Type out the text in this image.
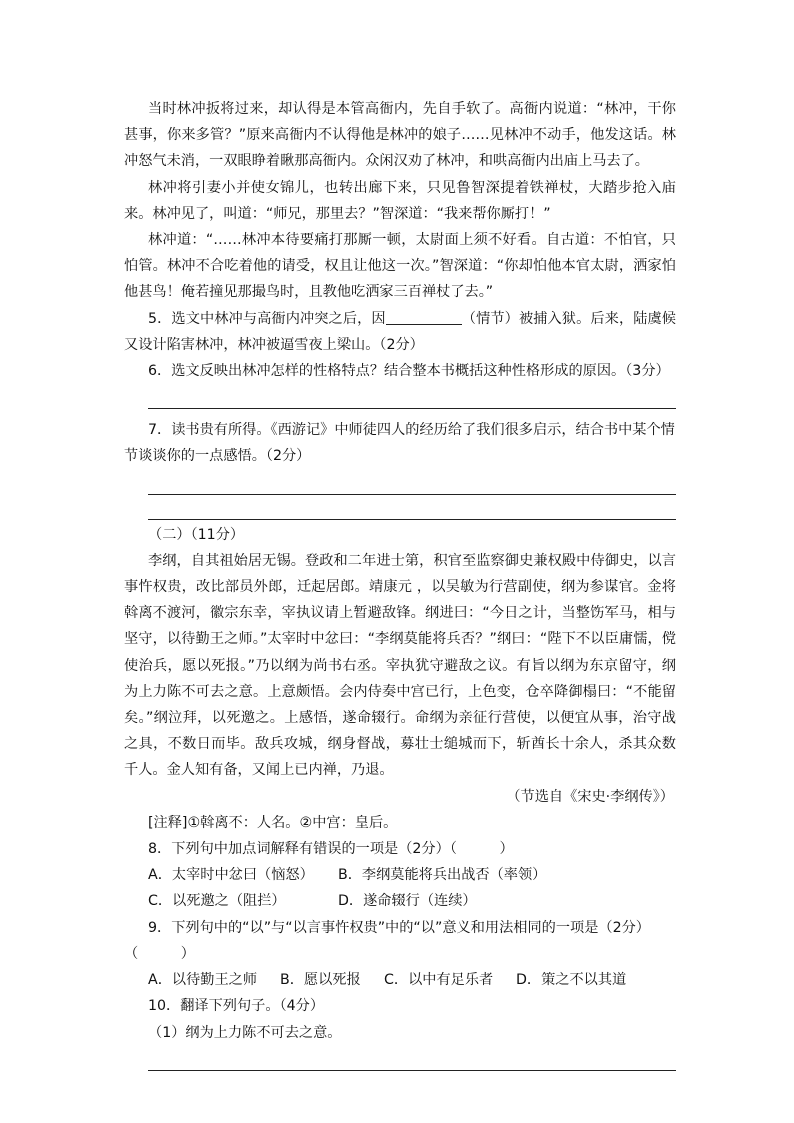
当时林冲扳将过来，却认得是本管高衙内，先自手软了。高衙内说道：“林冲，干你甚事，你来多管？”原来高衙内不认得他是林冲的娘子……见林冲不动手，他发这话。林冲怒气未消，一双眼睁着瞅那高衙内。众闲汉劝了林冲，和哄高衙内出庙上马去了。

林冲将引妻小并使女锦儿，也转出廊下来，只见鲁智深提着铁禅杖，大踏步抢入庙来。林冲见了，叫道：“师兄，那里去？”智深道：“我来帮你厮打！”

林冲道：“……林冲本待要痛打那厮一顿，太尉面上须不好看。自古道：不怕官，只怕管。林冲不合吃着他的请受，权且让他这一次。”智深道：“你却怕他本官太尉，洒家怕他甚鸟！俺若撞见那撮鸟时，且教他吃洒家三百禅杖了去。”

5．选文中林冲与高衙内冲突之后，因	（情节）被捕入狱。后来，陆虞候又设计陷害林冲，林冲被逼雪夜上梁山。（2分）

6．选文反映出林冲怎样的性格特点？结合整本书概括这种性格形成的原因。（3分）

7．读书贵有所得。《西游记》中师徒四人的经历给了我们很多启示，结合书中某个情

节谈谈你的一点感悟。（2分）

（二）（11分）

李纲，自其祖始居无锡。登政和二年进士第，积官至监察御史兼权殿中侍御史，以言事忤权贵，改比部员外郎，迁起居郎。靖康元 ，以吴敏为行营副使，纲为参谋官。金将斡离不渡河，徽宗东幸，宰执议请上暂避敌锋。纲进曰：“今日之计，当整饬军马，相与坚守，以待勤王之师。”太宰时中忿曰：“李纲莫能将兵否？”纲曰：“陛下不以臣庸懦，傥使治兵，愿以死报。”乃以纲为尚书右丞。宰执犹守避敌之议。有旨以纲为东京留守，纲为上力陈不可去之意。上意颇悟。会内侍奏中宫已行，上色变，仓卒降御榻曰：“不能留矣。”纲泣拜，以死邀之。上感悟，遂命辍行。命纲为亲征行营使，以便宜从事，治守战之具，不数日而毕。敌兵攻城，纲身督战，募壮士缒城而下，斩酋长十余人，杀其众数千人。金人知有备，又闻上已内禅，乃退。

（节选自《宋史·李纲传》）

[注释]①斡离不：人名。②中宫：皇后。

8．下列句中加点词解释有错误的一项是（2分）（　　　）

A．太宰时中忿曰（恼怒）	B．李纲莫能将兵出战否（率领）
C．以死邀之（阻拦）	D．遂命辍行（连续）

9．下列句中的“以”与“以言事忤权贵”中的“以”意义和用法相同的一项是（2分）

（　　　）

A．以待勤王之师	B．愿以死报	C．以中有足乐者	D．策之不以其道

10．翻译下列句子。（4分）

（1）纲为上力陈不可去之意。
